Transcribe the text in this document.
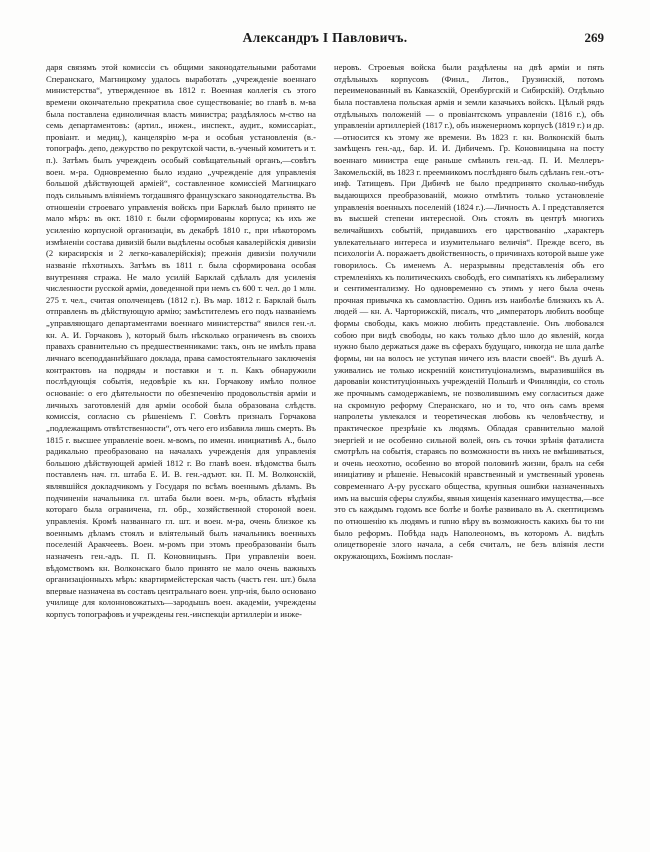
Александръ I Павловичъ.	269

даря связямъ этой комиссіи съ общими законодательными работами Сперанскаго, Магницкому удалось выработать „учрежденіе военнаго министерства“, утвержденное въ 1812 г. Военная коллегія съ этого времени окончательно прекратила свое существованіе; во главѣ в. м-ва была поставлена единоличная власть министра; раздѣлялось м-ство на семь департаментовъ: (артил., инжен., инспект., аудит., комиссаріат., провіант. и медиц.), канцелярію м-ра и особыя установленія (в.-топографъ. депо, дежурство по рекрутской части, в.-ученый комитетъ и т. п.). Затѣмъ былъ учрежденъ особый совѣщательный органъ,—совѣтъ воен. м-ра. Одновременно было издано „учрежденіе для управленія большой дѣйствующей арміей“, составленное комиссіей Магницкаго подъ сильнымъ вліяніемъ тогдашняго французскаго законодательства. Въ отношеніи строеваго управленія войскъ при Барклаѣ было принято не мало мѣръ: въ окт. 1810 г. были сформированы корпуса; къ ихъ же усиленію корпусной организаціи, въ декабрѣ 1810 г., при нѣкоторомъ измѣненіи состава дивизій были выдѣлены особыя кавалерійскія дивизіи (2 кирасирскія и 2 легко-кавалерійскія); прежнія дивизіи получили названіе пѣхотныхъ. Затѣмъ въ 1811 г. была сформирована особая внутренняя стража. Не мало усилій Барклай сдѣлалъ для усиленія численности русской арміи, доведенной при немъ съ 600 т. чел. до 1 млн. 275 т. чел., считая ополченцевъ (1812 г.). Въ мар. 1812 г. Барклай былъ отправленъ въ дѣйствующую армію; замѣстителемъ его подъ названіемъ „управляющаго департаментами военнаго министерства“ явился ген.-л. кн. А. И. Горчаковъ ), который былъ нѣсколько ограниченъ въ своихъ правахъ сравнительно съ предшественниками: такъ, онъ не имѣлъ права личнаго всеподданнѣйшаго доклада, права самостоятельнаго заключенія контрактовъ на подряды и поставки и т. п. Какъ обнаружили послѣдующія событія, недовѣріе къ кн. Горчакову имѣло полное основаніе: о его дѣятельности по обезпеченію продовольствія арміи и личныхъ заготовленій для арміи особой была образована слѣдств. комиссія, согласно съ рѣшеніемъ Г. Совѣтъ призналъ Горчакова „подлежащимъ отвѣтственности“, отъ чего его избавила лишь смерть. Въ 1815 г. высшее управленіе воен. м-вомъ, по именн. инициативѣ А., было радикально преобразовано на началахъ учрежденія для управленія большою дѣйствующей арміей 1812 г. Во главѣ воен. вѣдомства былъ поставленъ нач. гл. штаба Е. И. В. ген.-адъют. кн. П. М. Волконскій, являвшійся докладчикомъ у Государя по всѣмъ военнымъ дѣламъ. Въ подчиненіи начальника гл. штаба были воен. м-ръ, область вѣдѣнія котораго была ограничена, гл. обр., хозяйственной стороной воен. управленія. Кромѣ названнаго гл. шт. и воен. м-ра, очень близкое къ военнымъ дѣламъ стоялъ и вліятельный былъ начальникъ военныхъ поселеній Аракчеевъ. Воен. м-ромъ при этомъ преобразованіи былъ назначенъ ген.-адъ. П. П. Коновницынъ. При управленіи воен. вѣдомствомъ кн. Волконскаго было принято не мало очень важныхъ организаціонныхъ мѣръ: квартирмейстерская часть (частъ ген. шт.) была впервые назначена въ составъ центральнаго воен. упр-нія, было основано училище для колонновожатыхъ—зародышъ воен. академіи, учреждены корпусъ топографовъ и учреждены ген.-инспекціи артиллеріи и инже-

неровъ. Строевыя войска были раздѣлены на двѣ арміи и пять отдѣльныхъ корпусовъ (Финл., Литов., Грузинскій, потомъ переименованный въ Кавказскій, Оренбургскій и Сибирскій). Отдѣльно была поставлена польская армія и земли казачьихъ войскъ. Цѣлый рядъ отдѣльныхъ положеній — о провіантскомъ управленіи (1816 г.), объ управленіи артиллеріей (1817 г.), объ инженерномъ корпусѣ (1819 г.) и др.—относится къ этому же времени. Въ 1823 г. кн. Волконскій былъ замѣщенъ ген.-ад., бар. И. И. Дибичемъ. Гр. Коновницына на посту военнаго министра еще раньше смѣнилъ ген.-ад. П. И. Меллеръ-Закомельскій, въ 1823 г. преемникомъ послѣдняго былъ сдѣланъ ген.-отъ-инф. Татищевъ. При Дибичѣ не было предпринято сколько-нибудь выдающихся преобразованій, можно отмѣтить только установленіе управленія военныхъ поселеній (1824 г.).—Личность А. I представляется въ высшей степени интересной. Онъ стоялъ въ центрѣ многихъ величайшихъ событій, придавшихъ его царствованію „характеръ увлекательнаго интереса и изумительнаго величія“. Прежде всего, въ психологіи А. поражаетъ двойственность, о причинахъ которой выше уже говорилось. Съ именемъ А. неразрывны представленія объ его стремленіяхъ къ политическихъ свободѣ, его симпатіяхъ къ либерализму и сентиментализму. Но одновременно съ этимъ у него была очень прочная привычка къ самовластію. Одинъ изъ наиболѣе близкихъ къ А. людей — кн. А. Чарторижскій, писалъ, что „императоръ любилъ вообще формы свободы, какъ можно любить представленіе. Онъ любовался собою при видѣ свободы, но какъ только дѣло шло до явленій, когда нужно было держаться даже въ сферахъ будущаго, никогда не шла далѣе формы, ни на волосъ не уступая ничего изъ власти своей“. Въ душѣ А. уживались не только искренній конституціонализмъ, выразившійся въ даровавіи конституціонныхъ учрежденій Польшѣ и Финляндіи, со столь же прочнымъ самодержавіемъ, не позволившимъ ему согласиться даже на скромную реформу Сперанскаго, но и то, что онъ самъ время напролеты увлекался и теоретическая любовь къ человѣчеству, и практическое презрѣніе къ людямъ. Обладая сравнительно малой энергіей и не особенно сильной волей, онъ съ точки зрѣнія фаталиста смотрѣлъ на событія, стараясь по возможности въ нихъ не вмѣшиваться, и очень неохотно, особенно во второй половинѣ жизни, бралъ на себя иниціативу и рѣшеніе. Невысокій нравственный и умственный уровень современнаго А-ру русскаго общества, крупныя ошибки назначенныхъ имъ на высшія сферы службы, явныя хищенія казеннаго имущества,—все это съ каждымъ годомъ все болѣе и болѣе развивало въ А. скептицизмъ по отношенію къ людямъ и runно вѣру въ возможность какихъ бы то ни было реформъ. Побѣда надъ Наполеономъ, въ которомъ А. видѣлъ олицетвореніе злого начала, а себя считалъ, не безъ вліянія лести окружающихъ, Божіимъ послан-
